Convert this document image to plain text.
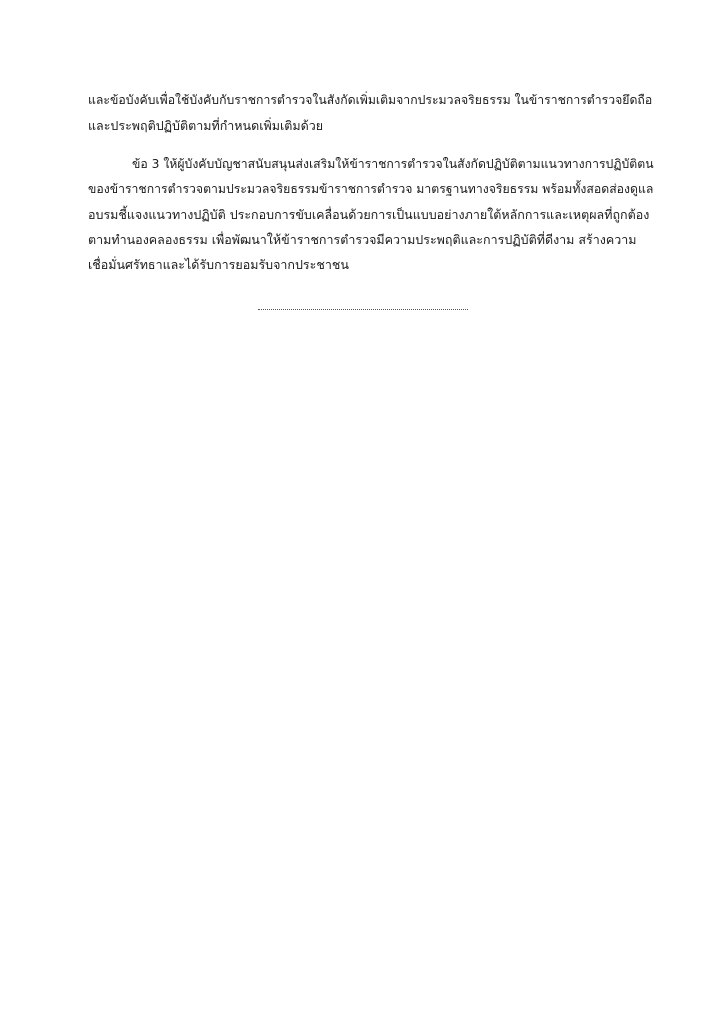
และข้อบังคับเพื่อใช้บังคับกับราชการตำรวจในสังกัดเพิ่มเติมจากประมวลจริยธรรม ในข้าราชการตำรวจยึดถือ
และประพฤติปฏิบัติตามที่กำหนดเพิ่มเติมด้วย
ข้อ 3 ให้ผู้บังคับบัญชาสนับสนุนส่งเสริมให้ข้าราชการตำรวจในสังกัดปฏิบัติตามแนวทางการปฏิบัติตน
ของข้าราชการตำรวจตามประมวลจริยธรรมข้าราชการตำรวจ มาตรฐานทางจริยธรรม พร้อมทั้งสอดส่องดูแล
อบรมชี้แจงแนวทางปฏิบัติ ประกอบการขับเคลื่อนด้วยการเป็นแบบอย่างภายใต้หลักการและเหตุผลที่ถูกต้อง
ตามทำนองคลองธรรม เพื่อพัฒนาให้ข้าราชการตำรวจมีความประพฤติและการปฏิบัติที่ดีงาม สร้างความ
เชื่อมั่นศรัทธาและได้รับการยอมรับจากประชาชน
